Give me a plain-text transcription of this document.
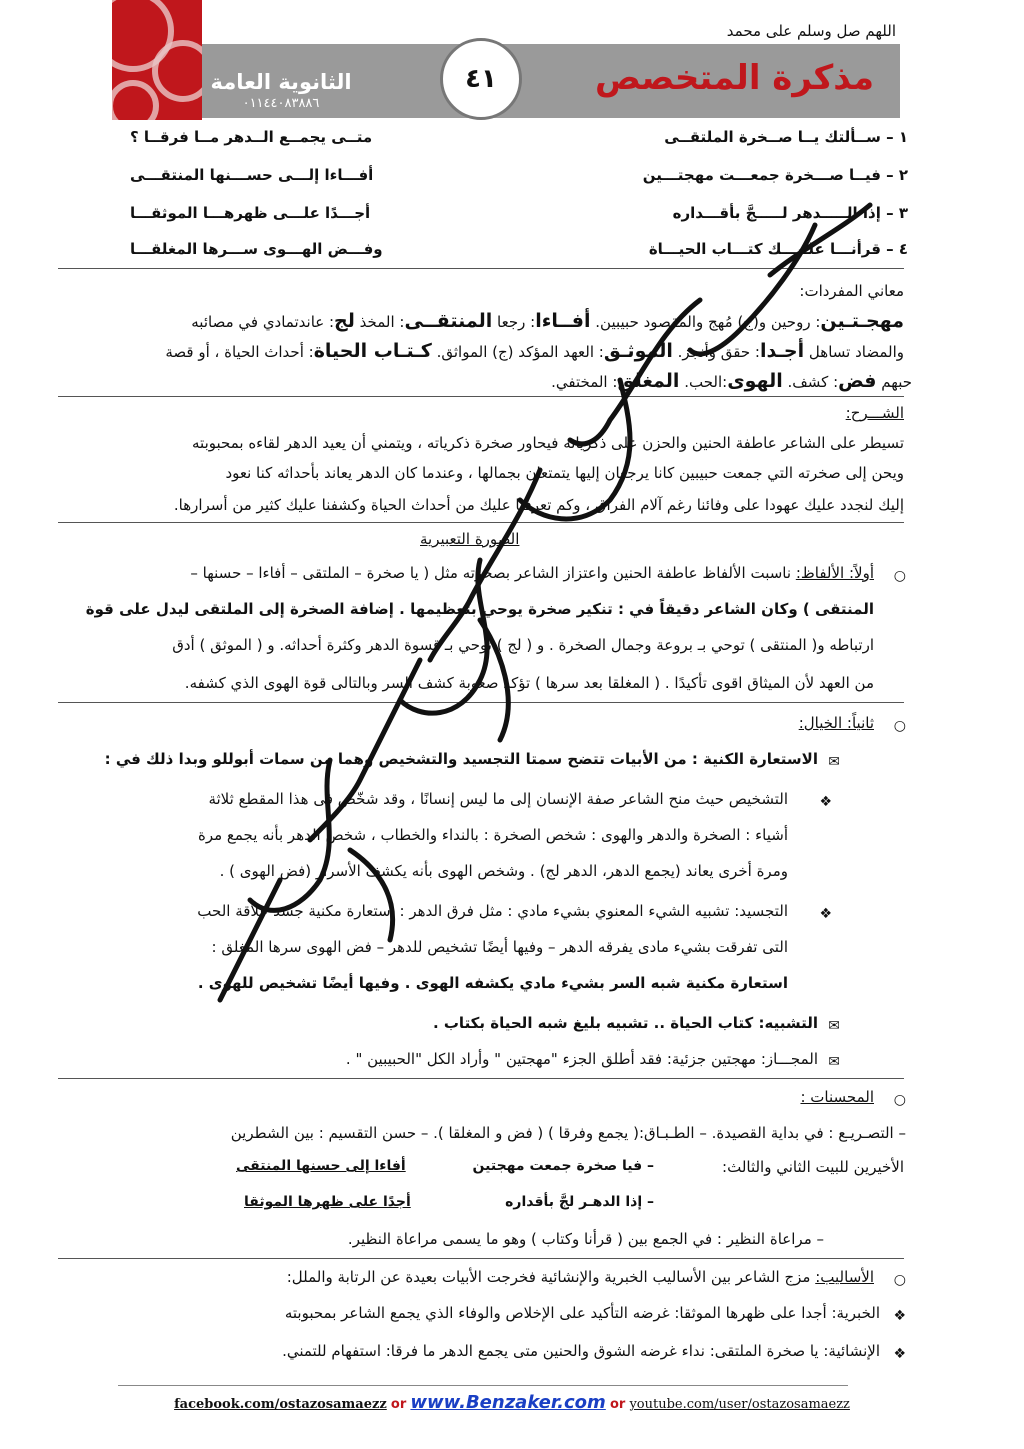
اللهم صل وسلم على محمد
الثانوية العامة
٠١١٤٤٠٨٣٨٨٦
٤١	مذكرة المتخصص
١ – ســألتك يــا صــخرة الملتقــى
متــى يجمــع الــدهر مــا فرقــا ؟
٢ – فيــا صـــخرة جمعـــت مهجتـــين
أفـــاءا إلـــى حســـنها المنتقـــى
٣ – إذا الـــــدهر لـــــجَّ بأقـــداره
أجـــدًا علـــى ظهرهـــا الموثقـــا
٤ – قرأنـــا علـيـــك كتـــاب الحيـــاة
وفـــض الهـــوى ســـرها المغلقـــا
معاني المفردات:
مهجـتـين: روحين و(ج) مُهج والمقصود حبيبين. أفــاءا: رجعا المنتقــى: المخذ لج: عاندتمادي في مصائبه
والمضاد تساهل أجـدا: حقق وأنجز. الموثـق: العهد المؤكد (ج) المواثق. كـتـاب الحياة: أحداث الحياة ، أو قصة
حبهم فض: كشف. الهوى:الحب. المغلق: المختفي.
الشـــرح:
تسيطر على الشاعر عاطفة الحنين والحزن على ذكرياته فيحاور صخرة ذكرياته ، ويتمني أن يعيد الدهر لقاءه بمحبوبته
ويحن إلى صخرته التي جمعت حبيبين كانا يرجعان إليها يتمتعان بجمالها ، وعندما كان الدهر يعاند بأحداثه كنا نعود
إليك لنجدد عليك عهودا على وفائنا رغم آلام الفراق ، وكم تعرفنا عليك من أحداث الحياة وكشفنا عليك كثير من أسرارها.
الصورة التعبيرية
○
أولاً: الألفاظ: ناسبت الألفاظ عاطفة الحنين واعتزاز الشاعر بصخرته مثل ( يا صخرة – الملتقى – أفاءا – حسنها –
المنتقى ) وكان الشاعر دقيقاً في : تنكير صخرة يوحي بتعظيمها . إضافة الصخرة إلى الملتقى ليدل على قوة
ارتباطه و( المنتقى ) توحي بـ بروعة وجمال الصخرة . و ( لج ) توحي بـ قسوة الدهر وكثرة أحداثه. و ( الموثق ) أدق
من العهد لأن الميثاق اقوى تأكيدًا . ( المغلقا بعد سرها ) تؤكد صعوبة كشف السر وبالتالى قوة الهوى الذي كشفه.
○
ثانياً: الخيال:
✉
الاستعارة الكنية : من الأبيات تتضح سمتا التجسيد والتشخيص وهما من سمات أبوللو وبدا ذلك في :
❖
التشخيص حيث منح الشاعر صفة الإنسان إلى ما ليس إنسانًا ، وقد شخّص فى هذا المقطع ثلاثة
أشياء : الصخرة والدهر والهوى : شخص الصخرة : بالنداء والخطاب ، شخص الدهر بأنه يجمع مرة
ومرة أخرى يعاند (يجمع الدهر، الدهر لج) . وشخص الهوى بأنه يكشف الأسرار (فض الهوى ) .
❖
التجسيد: تشبيه الشيء المعنوي بشيء مادي : مثل فرق الدهر : استعارة مكنية جسد علاقة الحب
التى تفرقت بشيء مادى يفرقه الدهر – وفيها أيضًا تشخيص للدهر – فض الهوى سرها المغلق :
استعارة مكنية شبه السر بشيء مادي يكشفه الهوى . وفيها أيضًا تشخيص للهوى .
✉
التشبيه: كتاب الحياة .. تشبيه بليغ شبه الحياة بكتاب .
✉
المجـــاز: مهجتين جزئية: فقد أطلق الجزء "مهجتين " وأراد الكل "الحبيبين " .
○
المحسنات :
– التصـريـع : في بداية القصيدة. – الطـبـاق:( يجمع وفرقا ) ( فض و المغلقا ). – حسن التقسيم : بين الشطرين
الأخيرين للبيت الثاني والثالث:
– فيا صخرة جمعت مهجتين
أفاءا إلى حسنها المنتقى
– إذا الدهـر لجَّ بأقداره
أجدًا على ظهرها الموثقا
– مراعاة النظير : في الجمع بين ( قرأنا وكتاب ) وهو ما يسمى مراعاة النظير.
○
الأساليب: مزج الشاعر بين الأساليب الخبرية والإنشائية فخرجت الأبيات بعيدة عن الرتابة والملل:
❖
الخبرية: أجدا على ظهرها الموثقا: غرضه التأكيد على الإخلاص والوفاء الذي يجمع الشاعر بمحبوبته
❖
الإنشائية: يا صخرة الملتقى: نداء غرضه الشوق والحنين متى يجمع الدهر ما فرقا: استفهام للتمني.
facebook.com/ostazosamaezz or www.Benzaker.com or youtube.com/user/ostazosamaezz
